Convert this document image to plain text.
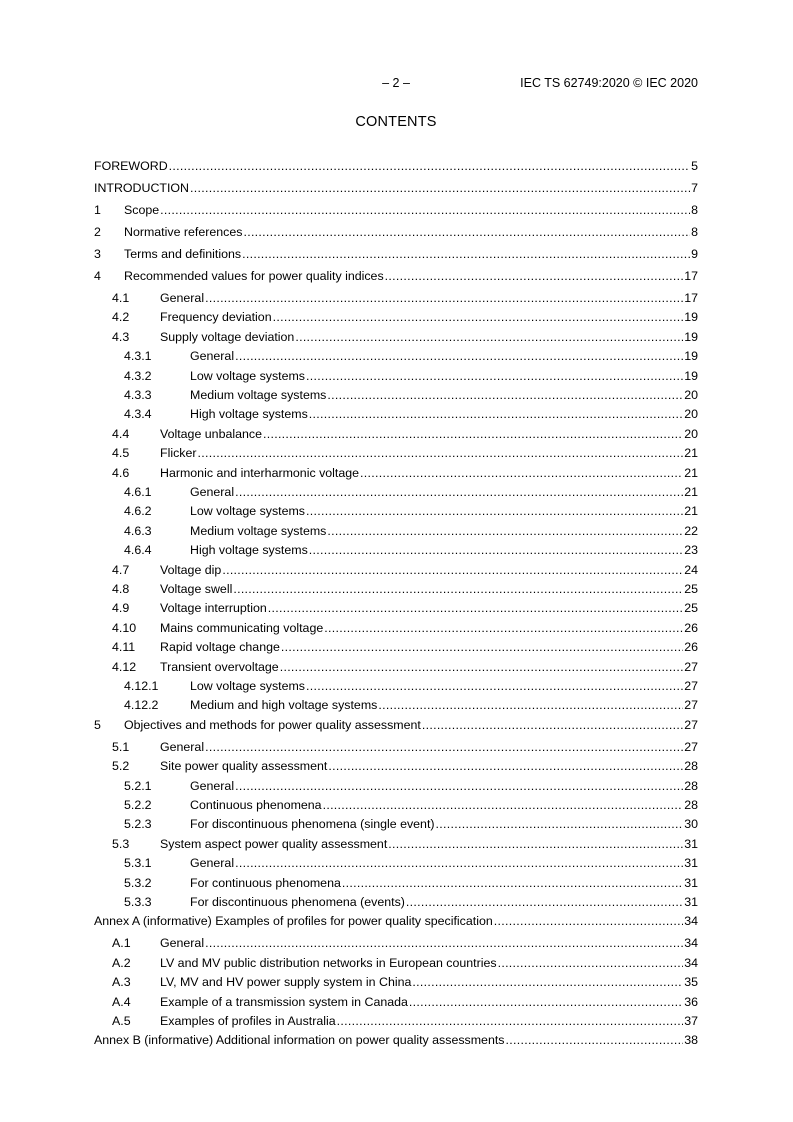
– 2 –	IEC TS 62749:2020 © IEC 2020
CONTENTS
FOREWORD .....	5
INTRODUCTION .....	7
1 Scope .....	8
2 Normative references .....	8
3 Terms and definitions .....	9
4 Recommended values for power quality indices .....	17
4.1 General .....	17
4.2 Frequency deviation .....	19
4.3 Supply voltage deviation .....	19
4.3.1	General .....	19
4.3.2	Low voltage systems .....	19
4.3.3	Medium voltage systems .....	20
4.3.4	High voltage systems .....	20
4.4 Voltage unbalance .....	20
4.5 Flicker .....	21
4.6 Harmonic and interharmonic voltage .....	21
4.6.1	General .....	21
4.6.2	Low voltage systems .....	21
4.6.3	Medium voltage systems .....	22
4.6.4	High voltage systems .....	23
4.7 Voltage dip .....	24
4.8 Voltage swell .....	25
4.9 Voltage interruption .....	25
4.10 Mains communicating voltage .....	26
4.11 Rapid voltage change .....	26
4.12 Transient overvoltage .....	27
4.12.1	Low voltage systems .....	27
4.12.2	Medium and high voltage systems .....	27
5 Objectives and methods for power quality assessment .....	27
5.1 General .....	27
5.2 Site power quality assessment .....	28
5.2.1	General .....	28
5.2.2	Continuous phenomena .....	28
5.2.3	For discontinuous phenomena (single event) .....	30
5.3 System aspect power quality assessment .....	31
5.3.1	General .....	31
5.3.2	For continuous phenomena .....	31
5.3.3	For discontinuous phenomena (events) .....	31
Annex A (informative) Examples of profiles for power quality specification .....	34
A.1 General .....	34
A.2 LV and MV public distribution networks in European countries .....	34
A.3 LV, MV and HV power supply system in China .....	35
A.4 Example of a transmission system in Canada .....	36
A.5 Examples of profiles in Australia .....	37
Annex B (informative) Additional information on power quality assessments .....	38
